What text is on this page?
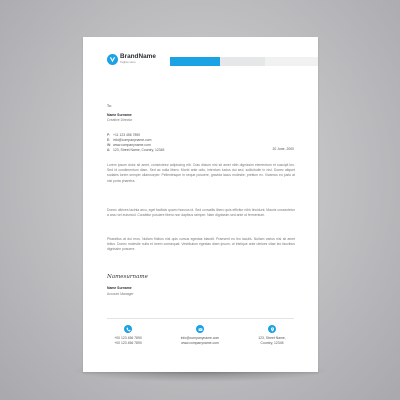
BrandName
Tagline Here
To:
Name Surname
Creative Director
P: +11 123 456 7890
E: info@companyname.com
W: www.companyname.com
A: 123, Street Name, Country, 12345	20 June, 2000
Lorem ipsum dolor sit amet, consectetur adipiscing elit. Cras dictum nisl sit amet nibh dignissim elementum et suscipit leo. Sed id condimentum diam. Sed ac nulla libero. Morbi ante odio, interdum luctus dui sed, sollicitudin in nisl. Donec aliquet sodales lorem semper ullamcorper. Pellentesque in neque posuere, gravida lacus molestie, pretium ex. Vivamus eu justo at nisi porta pharetra.
Donec ultrices lacinia arcu, eget facilisis quam rhoncus id. Sed convallis libero quis efficitur nibh tincidunt. Mauris consectetur a arcu vel euismod. Curabitur posuere libero non dapibus semper. Nam dignissim sed ante ut fermentum.
Phasellus at dui eros. Nullam finibus nisl quis cursus egestas blandit. Praesent eu leo iaculis. Nullam varius nisi sit amet tellus. Donec molestie nulla et lorem consequat. Vestibulum egestas diam ipsum, ut tristique ante ultrices vitae leo faucibus dignissim posuere.
Namesurname
Name Surname
Account Manager
+00 123 456 7890
+00 123 456 7890
info@companyname.com
www.companyname.com
123, Street Name,
Country, 12345
